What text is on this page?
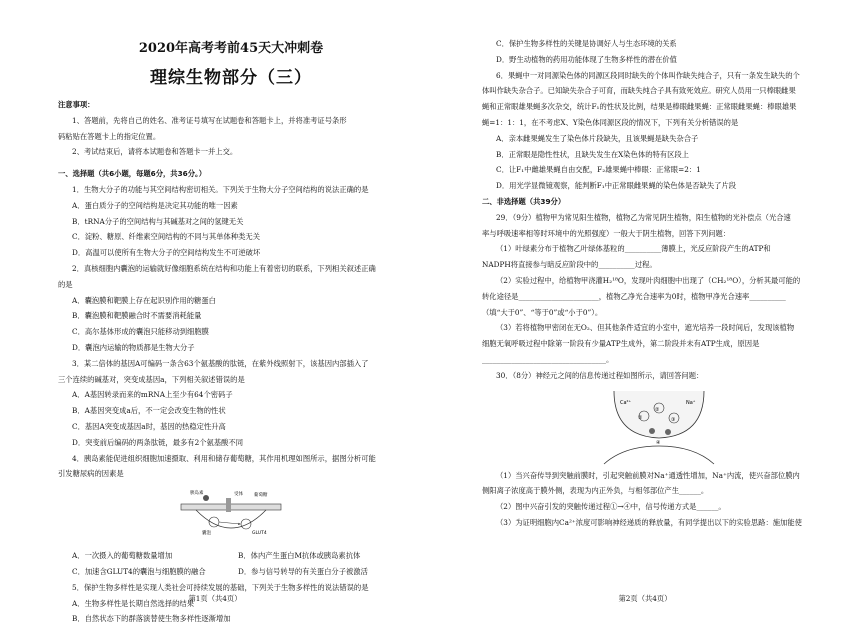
2020年高考考前45天大冲刺卷
理综生物部分（三）
注意事项：
1、答题前，先将自己的姓名、准考证号填写在试题卷和答题卡上，并将准考证号条形
码粘贴在答题卡上的指定位置。
2、考试结束后，请将本试题卷和答题卡一并上交。
一、选择题（共6小题，每题6分，共36分。）
1．生物大分子的功能与其空间结构密切相关。下列关于生物大分子空间结构的说法正确的是
A．蛋白质分子的空间结构是决定其功能的唯一因素
B．tRNA分子的空间结构与其碱基对之间的氢键无关
C．淀粉、糖原、纤维素空间结构的不同与其单体种类无关
D．高温可以使所有生物大分子的空间结构发生不可逆破坏
2．真核细胞内囊泡的运输就好像细胞系统在结构和功能上有着密切的联系，下列相关叙述正确
的是
A．囊泡膜和靶膜上存在起识别作用的糖蛋白
B．囊泡膜和靶膜融合时不需要消耗能量
C．高尔基体形成的囊泡只能移动到细胞膜
D．囊泡内运输的物质都是生物大分子
3．某二倍体的基因A可编码一条含63个氨基酸的肽链，在紫外线照射下，该基因内部插入了
三个连续的碱基对，突变成基因a，下列相关叙述错误的是
A．A基因转录而来的mRNA上至少有64个密码子
B．A基因突变成a后，不一定会改变生物的性状
C．基因A突变成基因a时，基因的热稳定性升高
D．突变前后编码的两条肽链，最多有2个氨基酸不同
4．胰岛素能促进组织细胞加速摄取、利用和储存葡萄糖，其作用机理如图所示，据图分析可能
引发糖尿病的因素是
胰岛素	受体
囊泡	GLUT4
葡萄糖
A．一次摄入的葡萄糖数量增加	B．体内产生蛋白M抗体或胰岛素抗体
C．加速含GLUT4的囊泡与细胞膜的融合	D．参与信号转导的有关蛋白分子被激活
5．保护生物多样性是实现人类社会可持续发展的基础，下列关于生物多样性的说法错误的是
A．生物多样性是长期自然选择的结果
B．自然状态下的群落演替使生物多样性逐渐增加
第1页（共4页）
C．保护生物多样性的关键是协调好人与生态环境的关系
D．野生动植物的药用功能体现了生物多样性的潜在价值
6．果蝇中一对同源染色体的同源区段同时缺失的个体叫作缺失纯合子，只有一条发生缺失的个
体叫作缺失杂合子。已知缺失杂合子可育，而缺失纯合子具有致死效应。研究人员用一只棒眼雌果
蝇和正常眼雄果蝇多次杂交，统计F₁的性状及比例，结果是棒眼雌果蝇：正常眼雌果蝇：棒眼雄果
蝇=1：1：1，在不考虑X、Y染色体同源区段的情况下，下列有关分析错误的是
A．亲本雌果蝇发生了染色体片段缺失，且该果蝇是缺失杂合子
B．正常眼是隐性性状，且缺失发生在X染色体的特有区段上
C．让F₁中雌雄果蝇自由交配，F₂雄果蝇中棒眼：正常眼=2：1
D．用光学显微镜观察，能判断F₁中正常眼雌果蝇的染色体是否缺失了片段
二、非选择题（共39分）
29．（9分）植物甲为常见阳生植物，植物乙为常见阴生植物，阳生植物的光补偿点（光合速
率与呼吸速率相等时环境中的光照强度）一般大于阴生植物，回答下列问题：
（1）叶绿素分布于植物乙叶绿体基粒的__________薄膜上，光反应阶段产生的ATP和
NADPH将直接参与暗反应阶段中的__________过程。
（2）实验过程中，给植物甲浇灌H₂¹⁸O，发现叶肉细胞中出现了（CH₂¹⁸O），分析其最可能的
转化途径是______________________，植物乙净光合速率为0时，植物甲净光合速率__________
（填“大于0”、“等于0”或“小于0”）。
（3）若将植物甲密闭在无O₂、但其他条件适宜的小室中，遮光培养一段时间后，发现该植物
细胞无氧呼吸过程中除第一阶段有少量ATP生成外，第二阶段并未有ATP生成，原因是
__________________________________。
30．（8分）神经元之间的信息传递过程如图所示，请回答问题：
Ca²⁺	Na⁺
①
②
③
④
（1）当兴奋传导到突触前膜时，引起突触前膜对Na⁺通透性增加，Na⁺内流，使兴奋部位膜内
侧阳离子浓度高于膜外侧，表现为内正外负，与相邻部位产生______。
（2）图中兴奋引发的突触传递过程①→④中，信号传递方式是______。
（3）为证明细胞内Ca²⁺浓度可影响神经递质的释放量，有同学提出以下的实验思路：施加能使
第2页（共4页）
